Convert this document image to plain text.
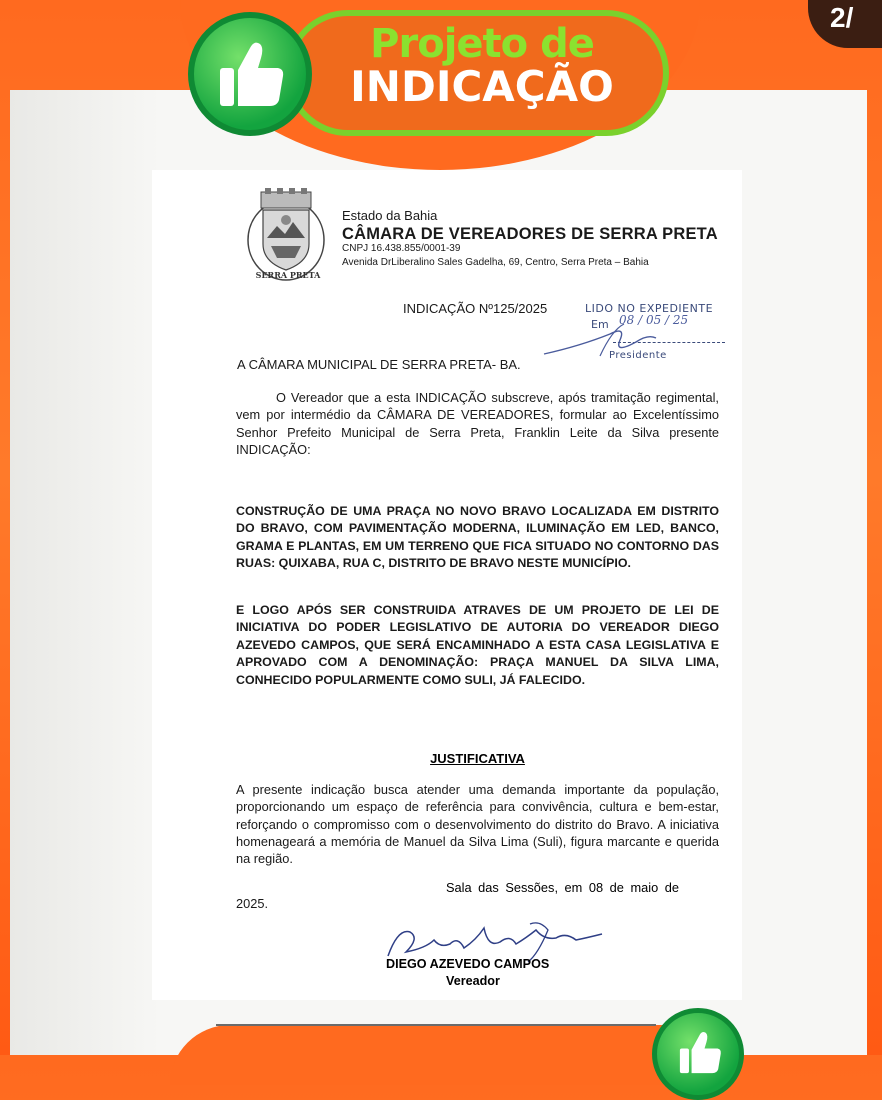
2/
Projeto de
INDICAÇÃO
SERRA PRETA
Estado da Bahia
CÂMARA DE VEREADORES DE SERRA PRETA
CNPJ 16.438.855/0001-39
Avenida DrLiberalino Sales Gadelha, 69, Centro, Serra Preta – Bahia
INDICAÇÃO Nº125/2025	LIDO NO EXPEDIENTE
Em 08 / 05 / 25
Presidente
A CÂMARA MUNICIPAL DE SERRA PRETA- BA.
O Vereador que a esta INDICAÇÃO subscreve, após tramitação regimental, vem por intermédio da CÂMARA DE VEREADORES, formular ao Excelentíssimo Senhor Prefeito Municipal de Serra Preta, Franklin Leite da Silva presente INDICAÇÃO:
CONSTRUÇÃO DE UMA PRAÇA NO NOVO BRAVO LOCALIZADA EM DISTRITO DO BRAVO, COM PAVIMENTAÇÃO MODERNA, ILUMINAÇÃO EM LED, BANCO, GRAMA E PLANTAS, EM UM TERRENO QUE FICA SITUADO NO CONTORNO DAS RUAS: QUIXABA, RUA C, DISTRITO DE BRAVO NESTE MUNICÍPIO.
E LOGO APÓS SER CONSTRUIDA ATRAVES DE UM PROJETO DE LEI DE INICIATIVA DO PODER LEGISLATIVO DE AUTORIA DO VEREADOR DIEGO AZEVEDO CAMPOS, QUE SERÁ ENCAMINHADO A ESTA CASA LEGISLATIVA E APROVADO COM A DENOMINAÇÃO: PRAÇA MANUEL DA SILVA LIMA, CONHECIDO POPULARMENTE COMO SULI, JÁ FALECIDO.
JUSTIFICATIVA
A presente indicação busca atender uma demanda importante da população, proporcionando um espaço de referência para convivência, cultura e bem-estar, reforçando o compromisso com o desenvolvimento do distrito do Bravo. A iniciativa homenageará a memória de Manuel da Silva Lima (Suli), figura marcante e querida na região.
Sala das Sessões, em 08 de maio de
2025.
DIEGO AZEVEDO CAMPOS
Vereador
